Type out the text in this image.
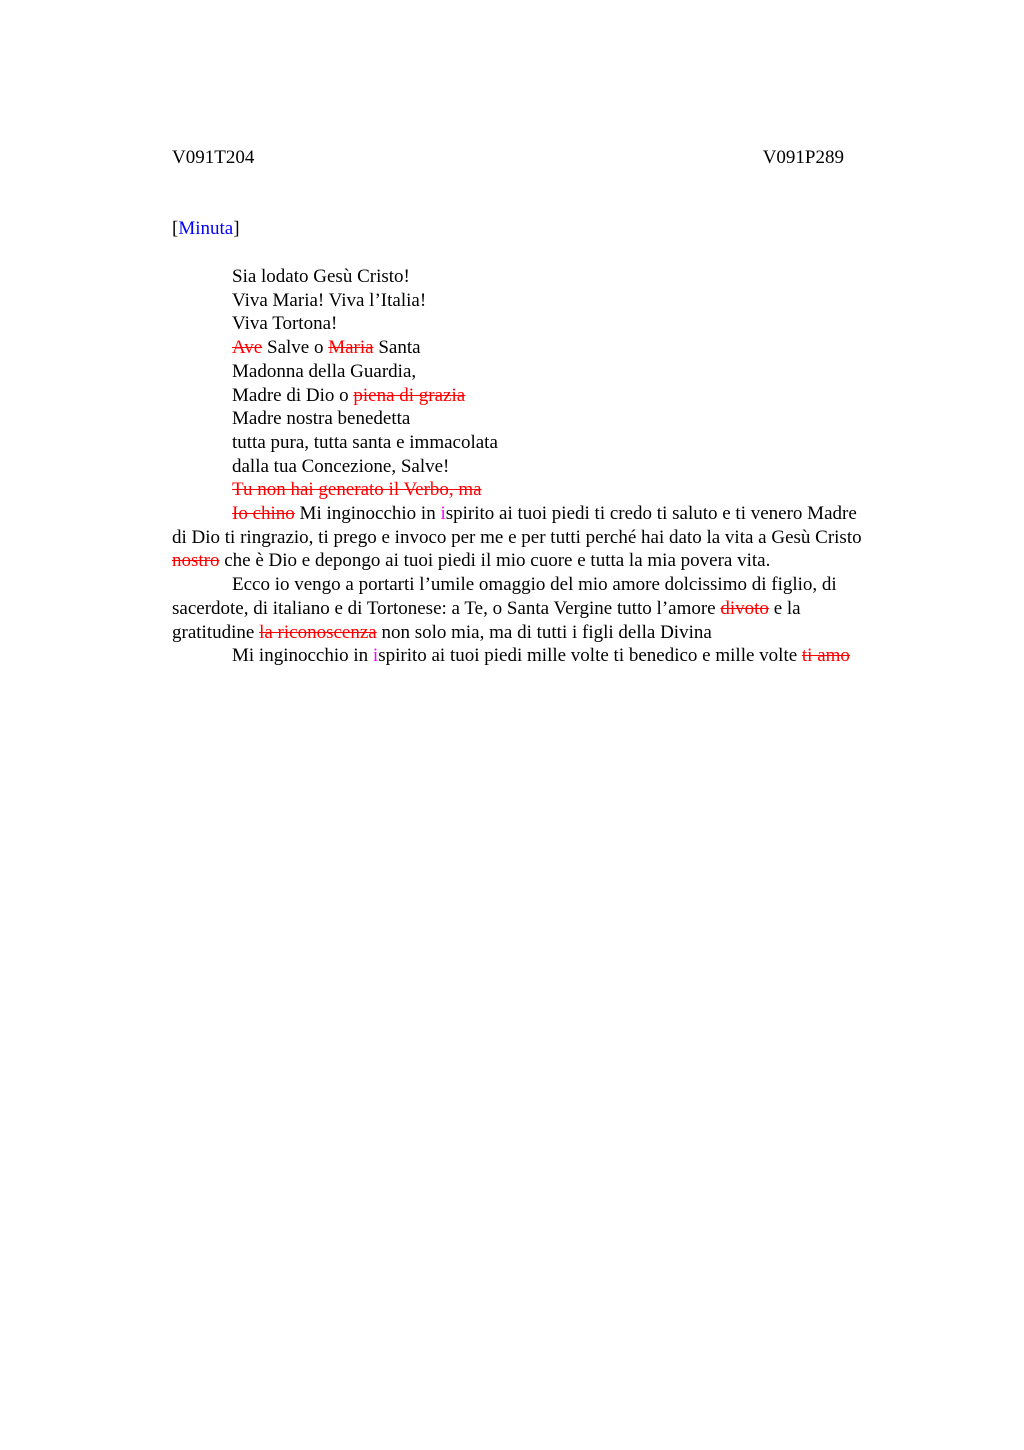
V091T204	V091P289
[Minuta]
Sia lodato Gesù Cristo!
Viva Maria! Viva l’Italia!
Viva Tortona!
Ave Salve o Maria Santa
Madonna della Guardia,
Madre di Dio o piena di grazia
Madre nostra benedetta
tutta pura, tutta santa e immacolata
dalla tua Concezione, Salve!
Tu non hai generato il Verbo, ma

Io chino Mi inginocchio in ispirito ai tuoi piedi ti credo ti saluto e ti venero Madre

di Dio ti ringrazio, ti prego e invoco per me e per tutti perché hai dato la vita a Gesù Cristo

nostro che è Dio e depongo ai tuoi piedi il mio cuore e tutta la mia povera vita.

Ecco io vengo a portarti l’umile omaggio del mio amore dolcissimo di figlio, di

sacerdote, di italiano e di Tortonese: a Te, o Santa Vergine tutto l’amore divoto e la

gratitudine la riconoscenza non solo mia, ma di tutti i figli della Divina

Mi inginocchio in ispirito ai tuoi piedi mille volte ti benedico e mille volte ti amo
